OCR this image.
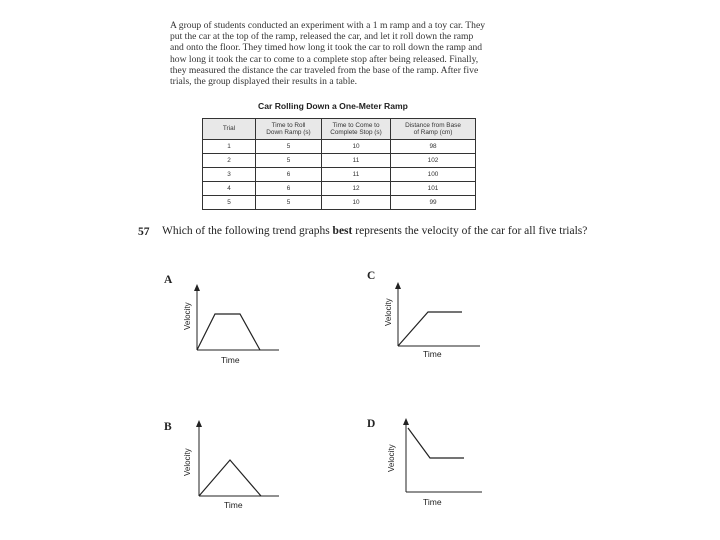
A group of students conducted an experiment with a 1 m ramp and a toy car. They

put the car at the top of the ramp, released the car, and let it roll down the ramp

and onto the floor. They timed how long it took the car to roll down the ramp and

how long it took the car to come to a complete stop after being released. Finally,

they measured the distance the car traveled from the base of the ramp. After five

trials, the group displayed their results in a table.

Car Rolling Down a One-Meter Ramp
Trial	Time to Roll
Down Ramp (s)	Time to Come to
Complete Stop (s)	Distance from Base
of Ramp (cm)
1	5	10	98
2	5	11	102
3	6	11	100
4	6	12	101
5	5	10	99
57 Which of the following trend graphs best represents the velocity of the car for all five trials?
A
Velocity
Time
C
Velocity
Time
B
Velocity
Time
D
Velocity
Time
